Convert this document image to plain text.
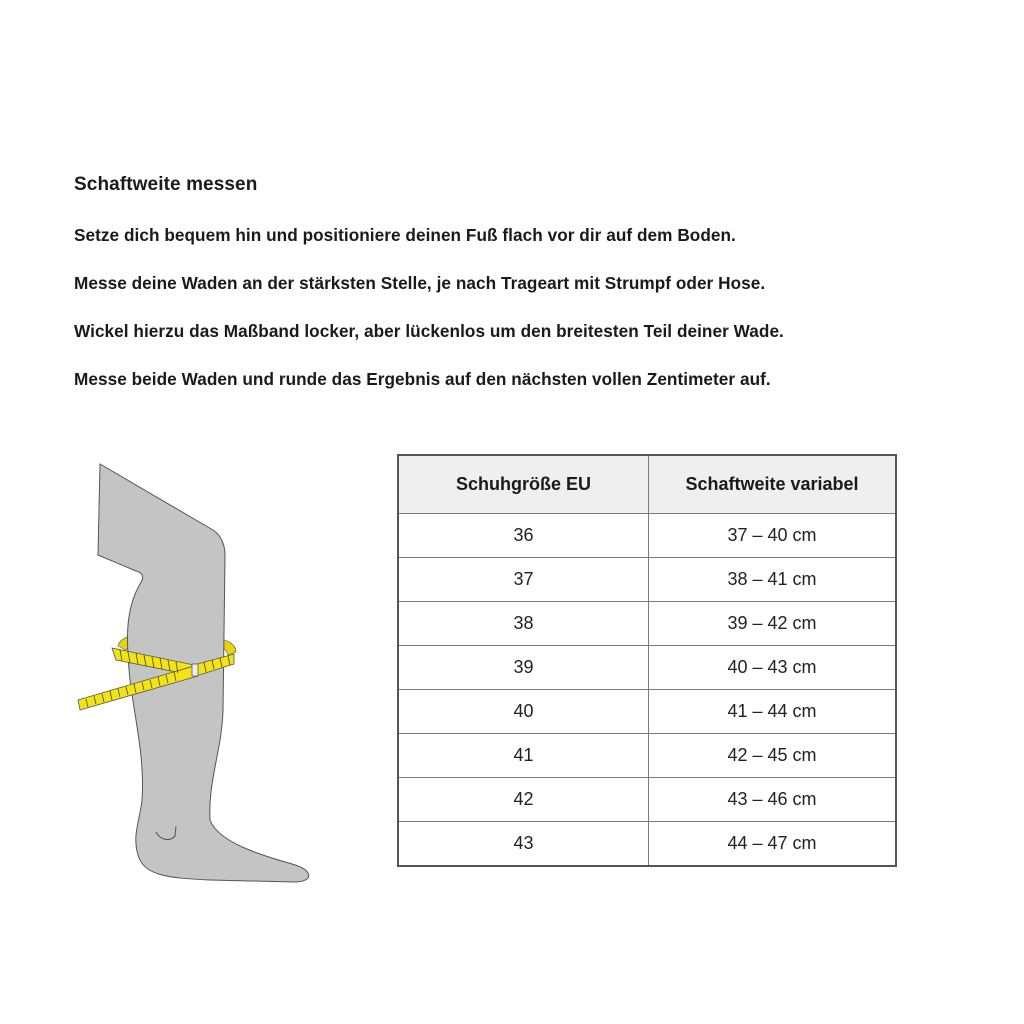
Schaftweite messen
Setze dich bequem hin und positioniere deinen Fuß flach vor dir auf dem Boden.
Messe deine Waden an der stärksten Stelle, je nach Trageart mit Strumpf oder Hose.
Wickel hierzu das Maßband locker, aber lückenlos um den breitesten Teil deiner Wade.
Messe beide Waden und runde das Ergebnis auf den nächsten vollen Zentimeter auf.
Schuhgröße EU	Schaftweite variabel
36	37 – 40 cm
37	38 – 41 cm
38	39 – 42 cm
39	40 – 43 cm
40	41 – 44 cm
41	42 – 45 cm
42	43 – 46 cm
43	44 – 47 cm
